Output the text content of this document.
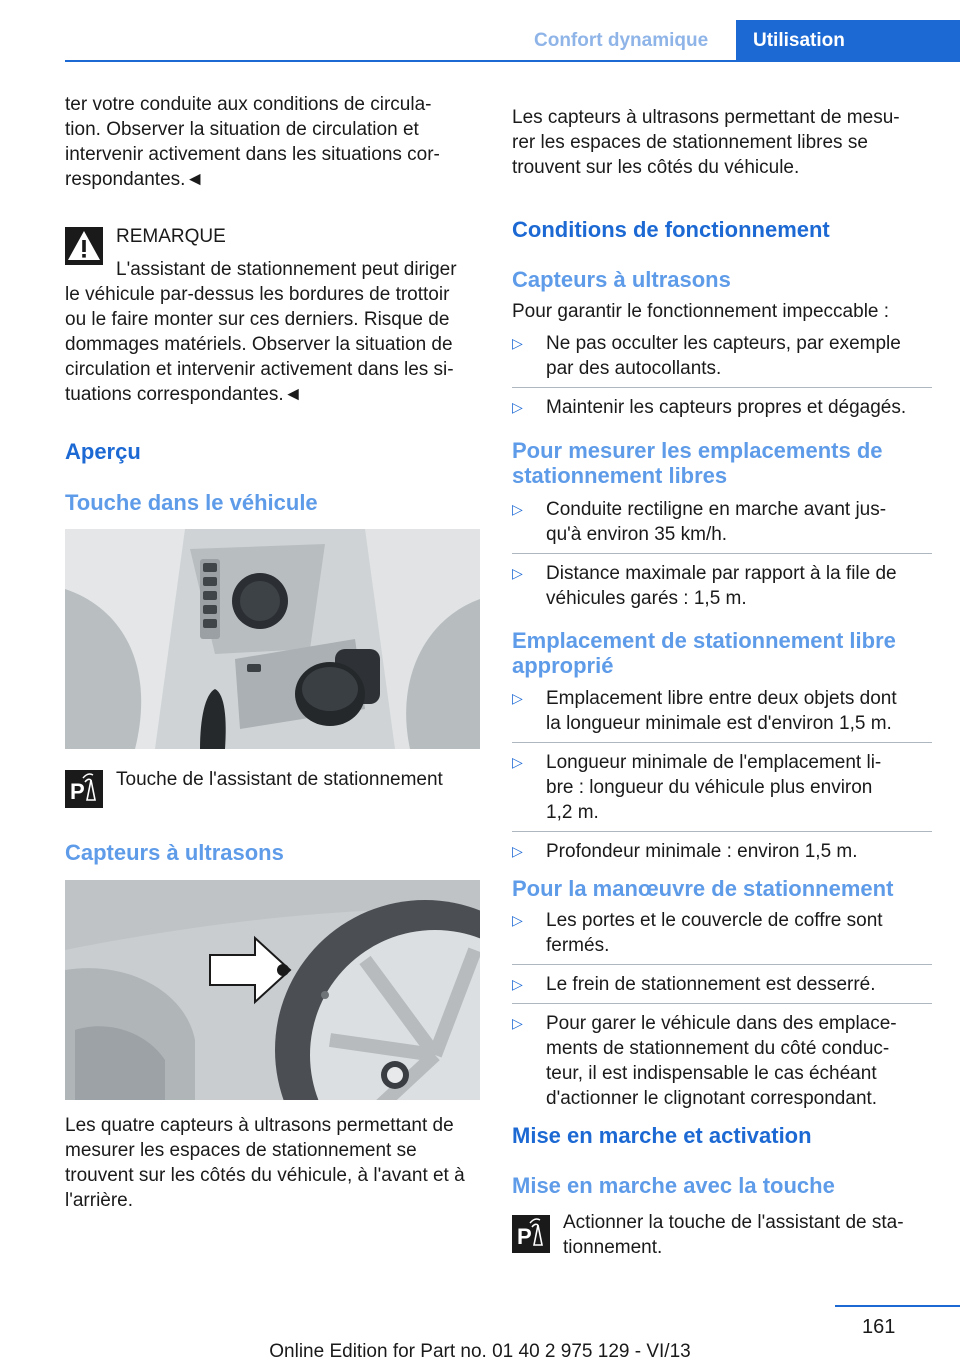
Confort dynamique Utilisation

ter votre conduite aux conditions de circula-
tion. Observer la situation de circulation et
intervenir activement dans les situations cor-
respondantes.◄

REMARQUE

L'assistant de stationnement peut diriger

le véhicule par-dessus les bordures de trottoir
ou le faire monter sur ces derniers. Risque de
dommages matériels. Observer la situation de
circulation et intervenir activement dans les si-
tuations correspondantes.◄

Aperçu

Touche dans le véhicule

P Touche de l'assistant de stationnement

Capteurs à ultrasons

Les quatre capteurs à ultrasons permettant de
mesurer les espaces de stationnement se
trouvent sur les côtés du véhicule, à l'avant et à
l'arrière.

Les capteurs à ultrasons permettant de mesu-
rer les espaces de stationnement libres se
trouvent sur les côtés du véhicule.

Conditions de fonctionnement

Capteurs à ultrasons

Pour garantir le fonctionnement impeccable :

▷ Ne pas occulter les capteurs, par exemple
par des autocollants.
▷ Maintenir les capteurs propres et dégagés.

Pour mesurer les emplacements de
stationnement libres

▷ Conduite rectiligne en marche avant jus-
qu'à environ 35 km/h.
▷ Distance maximale par rapport à la file de
véhicules garés : 1,5 m.

Emplacement de stationnement libre
approprié

▷ Emplacement libre entre deux objets dont
la longueur minimale est d'environ 1,5 m.
▷ Longueur minimale de l'emplacement li-
bre : longueur du véhicule plus environ
1,2 m.
▷ Profondeur minimale : environ 1,5 m.

Pour la manœuvre de stationnement

▷ Les portes et le couvercle de coffre sont
fermés.
▷ Le frein de stationnement est desserré.
▷ Pour garer le véhicule dans des emplace-
ments de stationnement du côté conduc-
teur, il est indispensable le cas échéant
d'actionner le clignotant correspondant.

Mise en marche et activation

Mise en marche avec la touche

P

Actionner la touche de l'assistant de sta-
tionnement.

161
Online Edition for Part no. 01 40 2 975 129 - VI/13
